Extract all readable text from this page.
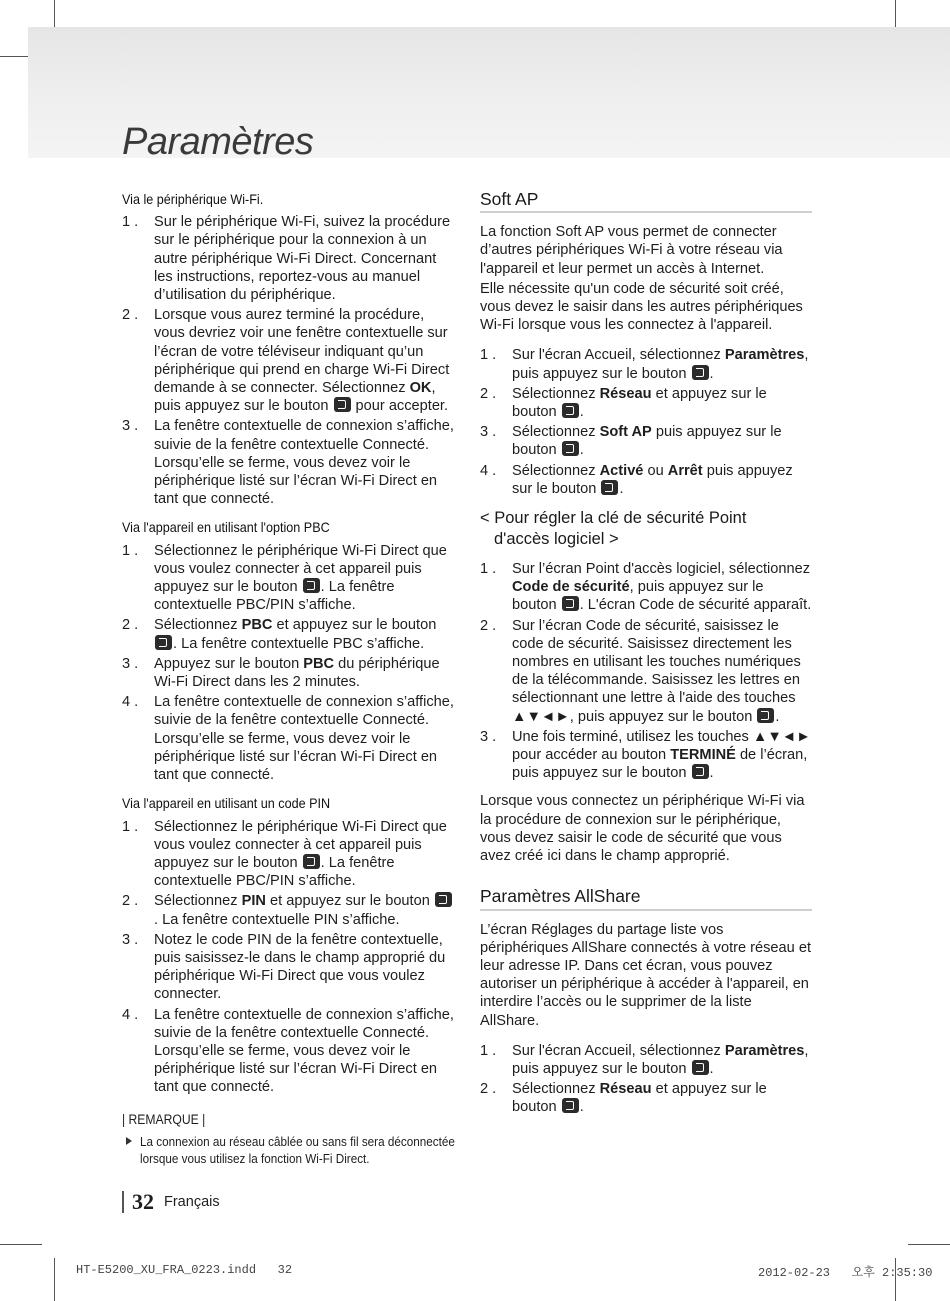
Paramètres
Via le périphérique Wi-Fi.
1 . Sur le périphérique Wi-Fi, suivez la procédure sur le périphérique pour la connexion à un autre périphérique Wi-Fi Direct. Concernant les instructions, reportez-vous au manuel d’utilisation du périphérique.
2 . Lorsque vous aurez terminé la procédure, vous devriez voir une fenêtre contextuelle sur l’écran de votre téléviseur indiquant qu’un périphérique qui prend en charge Wi-Fi Direct demande à se connecter. Sélectionnez OK, puis appuyez sur le bouton  pour accepter.
3 . La fenêtre contextuelle de connexion s’affiche, suivie de la fenêtre contextuelle Connecté. Lorsqu’elle se ferme, vous devez voir le périphérique listé sur l’écran Wi-Fi Direct en tant que connecté.
Via l'appareil en utilisant l'option PBC
1 . Sélectionnez le périphérique Wi-Fi Direct que vous voulez connecter à cet appareil puis appuyez sur le bouton . La fenêtre contextuelle PBC/PIN s’affiche.
2 . Sélectionnez PBC et appuyez sur le bouton . La fenêtre contextuelle PBC s’affiche.
3 . Appuyez sur le bouton PBC du périphérique Wi-Fi Direct dans les 2 minutes.
4 . La fenêtre contextuelle de connexion s’affiche, suivie de la fenêtre contextuelle Connecté. Lorsqu’elle se ferme, vous devez voir le périphérique listé sur l’écran Wi-Fi Direct en tant que connecté.
Via l'appareil en utilisant un code PIN
1 . Sélectionnez le périphérique Wi-Fi Direct que vous voulez connecter à cet appareil puis appuyez sur le bouton . La fenêtre contextuelle PBC/PIN s’affiche.
2 . Sélectionnez PIN et appuyez sur le bouton . La fenêtre contextuelle PIN s’affiche.
3 . Notez le code PIN de la fenêtre contextuelle, puis saisissez-le dans le champ approprié du périphérique Wi-Fi Direct que vous voulez connecter.
4 . La fenêtre contextuelle de connexion s’affiche, suivie de la fenêtre contextuelle Connecté. Lorsqu’elle se ferme, vous devez voir le périphérique listé sur l’écran Wi-Fi Direct en tant que connecté.
| REMARQUE |
La connexion au réseau câblée ou sans fil sera déconnectée lorsque vous utilisez la fonction Wi-Fi Direct.
Soft AP

La fonction Soft AP vous permet de connecter d’autres périphériques Wi-Fi à votre réseau via l'appareil et leur permet un accès à Internet.

Elle nécessite qu'un code de sécurité soit créé, vous devez le saisir dans les autres périphériques Wi-Fi lorsque vous les connectez à l'appareil.

1 . Sur l'écran Accueil, sélectionnez Paramètres, puis appuyez sur le bouton .
2 . Sélectionnez Réseau et appuyez sur le bouton .
3 . Sélectionnez Soft AP puis appuyez sur le bouton .
4 . Sélectionnez Activé ou Arrêt puis appuyez sur le bouton .
< Pour régler la clé de sécurité Point
d'accès logiciel >
1 . Sur l’écran Point d'accès logiciel, sélectionnez Code de sécurité, puis appuyez sur le bouton . L'écran Code de sécurité apparaît.
2 . Sur l’écran Code de sécurité, saisissez le code de sécurité. Saisissez directement les nombres en utilisant les touches numériques de la télécommande. Saisissez les lettres en sélectionnant une lettre à l'aide des touches ▲▼◄►, puis appuyez sur le bouton .
3 . Une fois terminé, utilisez les touches ▲▼◄► pour accéder au bouton TERMINÉ de l’écran, puis appuyez sur le bouton .

Lorsque vous connectez un périphérique Wi-Fi via la procédure de connexion sur le périphérique, vous devez saisir le code de sécurité que vous avez créé ici dans le champ approprié.

Paramètres AllShare

L’écran Réglages du partage liste vos périphériques AllShare connectés à votre réseau et leur adresse IP. Dans cet écran, vous pouvez autoriser un périphérique à accéder à l'appareil, en interdire l’accès ou le supprimer de la liste AllShare.

1 . Sur l'écran Accueil, sélectionnez Paramètres, puis appuyez sur le bouton .
2 . Sélectionnez Réseau et appuyez sur le bouton .
32 Français
HT-E5200_XU_FRA_0223.indd   32	2012-02-23   오후 2:35:30
